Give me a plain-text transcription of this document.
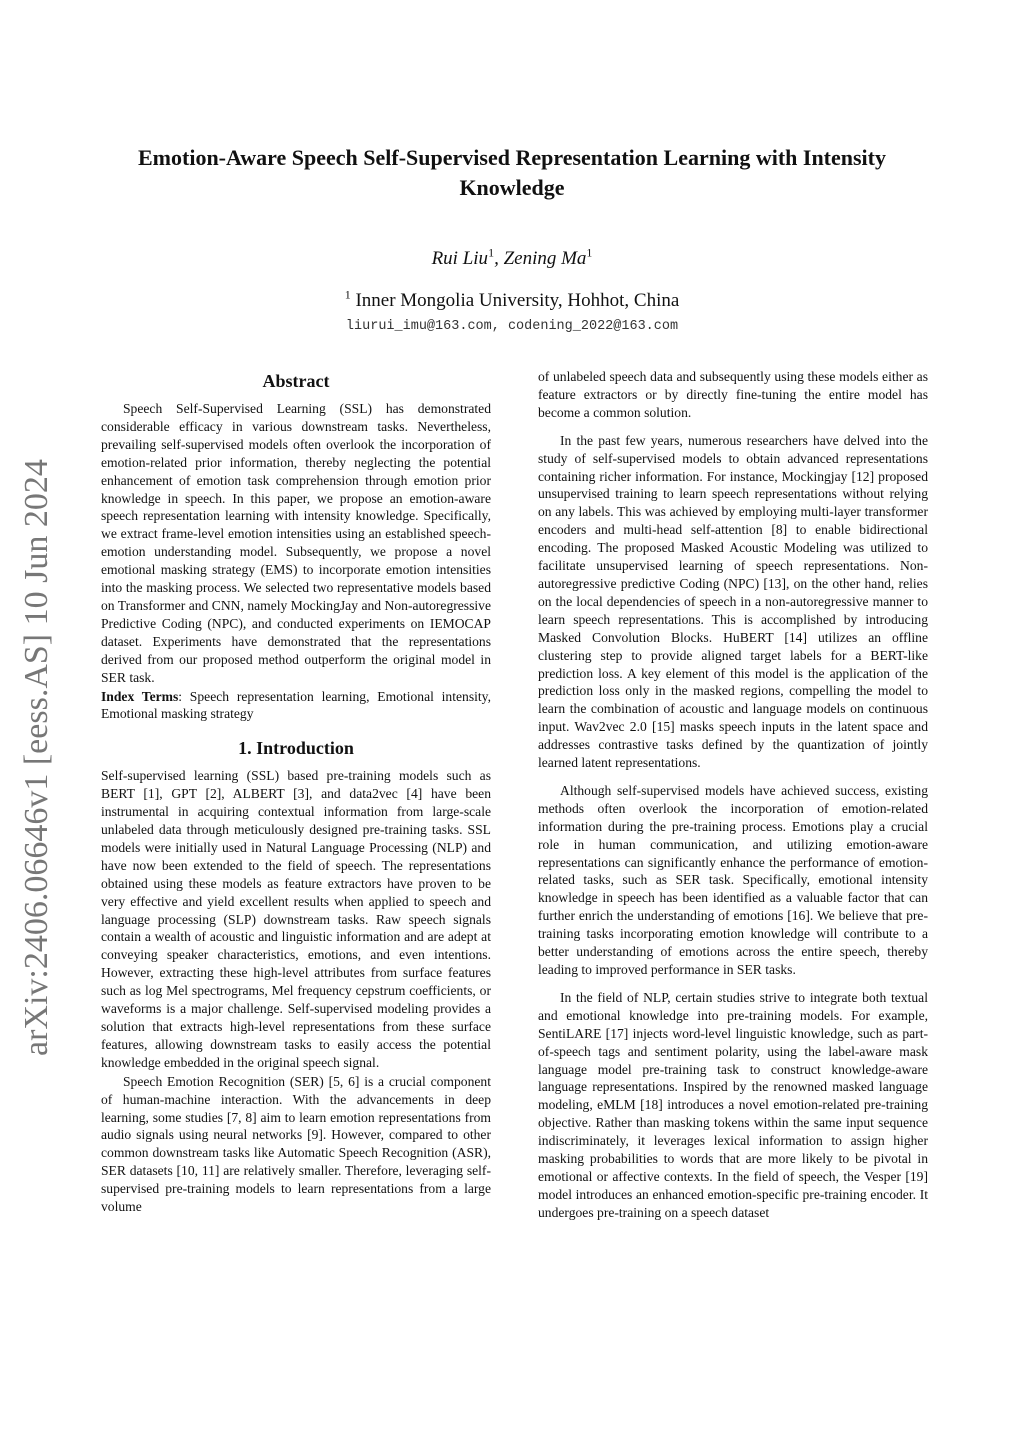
arXiv:2406.06646v1 [eess.AS] 10 Jun 2024
Emotion-Aware Speech Self-Supervised Representation Learning with Intensity Knowledge
Rui Liu$^1$, Zening Ma$^1$
$^1$ Inner Mongolia University, Hohhot, China
liurui_imu@163.com, codening_2022@163.com
Abstract

Speech Self-Supervised Learning (SSL) has demonstrated considerable efficacy in various downstream tasks. Nevertheless, prevailing self-supervised models often overlook the incorporation of emotion-related prior information, thereby neglecting the potential enhancement of emotion task comprehension through emotion prior knowledge in speech. In this paper, we propose an emotion-aware speech representation learning with intensity knowledge. Specifically, we extract frame-level emotion intensities using an established speech-emotion understanding model. Subsequently, we propose a novel emotional masking strategy (EMS) to incorporate emotion intensities into the masking process. We selected two representative models based on Transformer and CNN, namely MockingJay and Non-autoregressive Predictive Coding (NPC), and conducted experiments on IEMOCAP dataset. Experiments have demonstrated that the representations derived from our proposed method outperform the original model in SER task.

Index Terms: Speech representation learning, Emotional intensity, Emotional masking strategy

1. Introduction

Self-supervised learning (SSL) based pre-training models such as BERT [1], GPT [2], ALBERT [3], and data2vec [4] have been instrumental in acquiring contextual information from large-scale unlabeled data through meticulously designed pre-training tasks. SSL models were initially used in Natural Language Processing (NLP) and have now been extended to the field of speech. The representations obtained using these models as feature extractors have proven to be very effective and yield excellent results when applied to speech and language processing (SLP) downstream tasks. Raw speech signals contain a wealth of acoustic and linguistic information and are adept at conveying speaker characteristics, emotions, and even intentions. However, extracting these high-level attributes from surface features such as log Mel spectrograms, Mel frequency cepstrum coefficients, or waveforms is a major challenge. Self-supervised modeling provides a solution that extracts high-level representations from these surface features, allowing downstream tasks to easily access the potential knowledge embedded in the original speech signal.

Speech Emotion Recognition (SER) [5, 6] is a crucial component of human-machine interaction. With the advancements in deep learning, some studies [7, 8] aim to learn emotion representations from audio signals using neural networks [9]. However, compared to other common downstream tasks like Automatic Speech Recognition (ASR), SER datasets [10, 11] are relatively smaller. Therefore, leveraging self-supervised pre-training models to learn representations from a large volume

of unlabeled speech data and subsequently using these models either as feature extractors or by directly fine-tuning the entire model has become a common solution.

In the past few years, numerous researchers have delved into the study of self-supervised models to obtain advanced representations containing richer information. For instance, Mockingjay [12] proposed unsupervised training to learn speech representations without relying on any labels. This was achieved by employing multi-layer transformer encoders and multi-head self-attention [8] to enable bidirectional encoding. The proposed Masked Acoustic Modeling was utilized to facilitate unsupervised learning of speech representations. Non-autoregressive predictive Coding (NPC) [13], on the other hand, relies on the local dependencies of speech in a non-autoregressive manner to learn speech representations. This is accomplished by introducing Masked Convolution Blocks. HuBERT [14] utilizes an offline clustering step to provide aligned target labels for a BERT-like prediction loss. A key element of this model is the application of the prediction loss only in the masked regions, compelling the model to learn the combination of acoustic and language models on continuous input. Wav2vec 2.0 [15] masks speech inputs in the latent space and addresses contrastive tasks defined by the quantization of jointly learned latent representations.

Although self-supervised models have achieved success, existing methods often overlook the incorporation of emotion-related information during the pre-training process. Emotions play a crucial role in human communication, and utilizing emotion-aware representations can significantly enhance the performance of emotion-related tasks, such as SER task. Specifically, emotional intensity knowledge in speech has been identified as a valuable factor that can further enrich the understanding of emotions [16]. We believe that pre-training tasks incorporating emotion knowledge will contribute to a better understanding of emotions across the entire speech, thereby leading to improved performance in SER tasks.

In the field of NLP, certain studies strive to integrate both textual and emotional knowledge into pre-training models. For example, SentiLARE [17] injects word-level linguistic knowledge, such as part-of-speech tags and sentiment polarity, using the label-aware mask language model pre-training task to construct knowledge-aware language representations. Inspired by the renowned masked language modeling, eMLM [18] introduces a novel emotion-related pre-training objective. Rather than masking tokens within the same input sequence indiscriminately, it leverages lexical information to assign higher masking probabilities to words that are more likely to be pivotal in emotional or affective contexts. In the field of speech, the Vesper [19] model introduces an enhanced emotion-specific pre-training encoder. It undergoes pre-training on a speech dataset
